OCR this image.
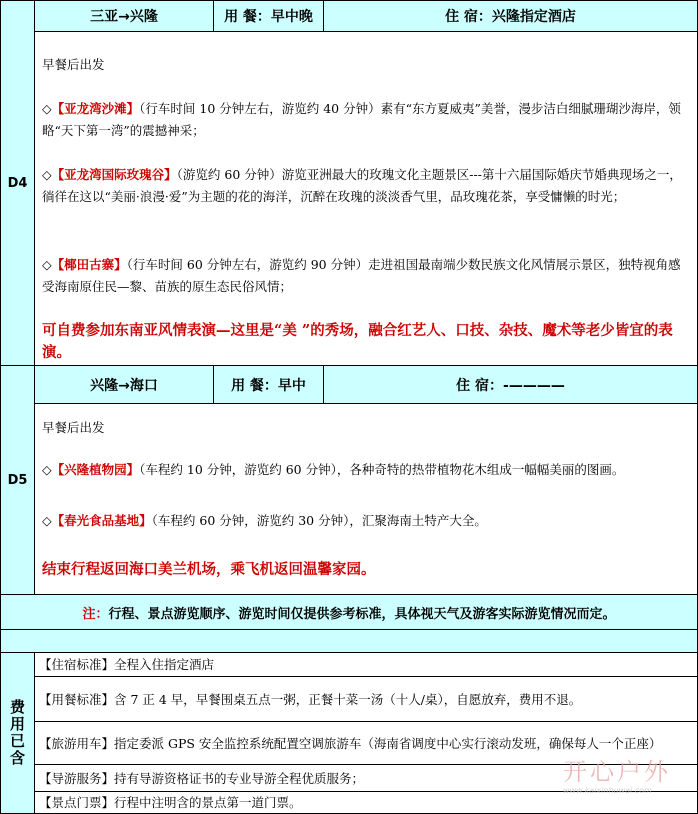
D4
三亚→兴隆	用 餐：早中晚	住 宿：兴隆指定酒店

早餐后出发

◇【亚龙湾沙滩】（行车时间 10 分钟左右，游览约 40 分钟）素有“东方夏威夷”美誉，漫步洁白细腻珊瑚沙海岸，领略“天下第一湾”的震撼神采；

◇【亚龙湾国际玫瑰谷】（游览约 60 分钟）游览亚洲最大的玫瑰文化主题景区---第十六届国际婚庆节婚典现场之一，徜徉在这以“美丽·浪漫·爱”为主题的花的海洋，沉醉在玫瑰的淡淡香气里，品玫瑰花茶，享受慵懒的时光；

◇【椰田古寨】（行车时间 60 分钟左右，游览约 90 分钟）走进祖国最南端少数民族文化风情展示景区，独特视角感受海南原住民—黎、苗族的原生态民俗风情；

可自费参加东南亚风情表演—这里是“美 ”的秀场，融合红艺人、口技、杂技、魔术等老少皆宜的表演。

D5
兴隆→海口	用 餐：早中	住 宿：-————

早餐后出发

◇【兴隆植物园】（车程约 10 分钟，游览约 60 分钟），各种奇特的热带植物花木组成一幅幅美丽的图画。

◇【春光食品基地】（车程约 60 分钟，游览约 30 分钟），汇聚海南土特产大全。

结束行程返回海口美兰机场，乘飞机返回温馨家园。

注： 行程、景点游览顺序、游览时间仅提供参考标准，具体视天气及游客实际游览情况而定。
费用已含
【住宿标准】全程入住指定酒店
【用餐标准】含 7 正 4 早，早餐围桌五点一粥，正餐十菜一汤（十人/桌），自愿放弃，费用不退。
【旅游用车】指定委派 GPS 安全监控系统配置空调旅游车（海南省调度中心实行滚动发班，确保每人一个正座）
【导游服务】持有导游资格证书的专业导游全程优质服务；
【景点门票】行程中注明含的景点第一道门票。
开心户外
www.kaixinhuwai.com
